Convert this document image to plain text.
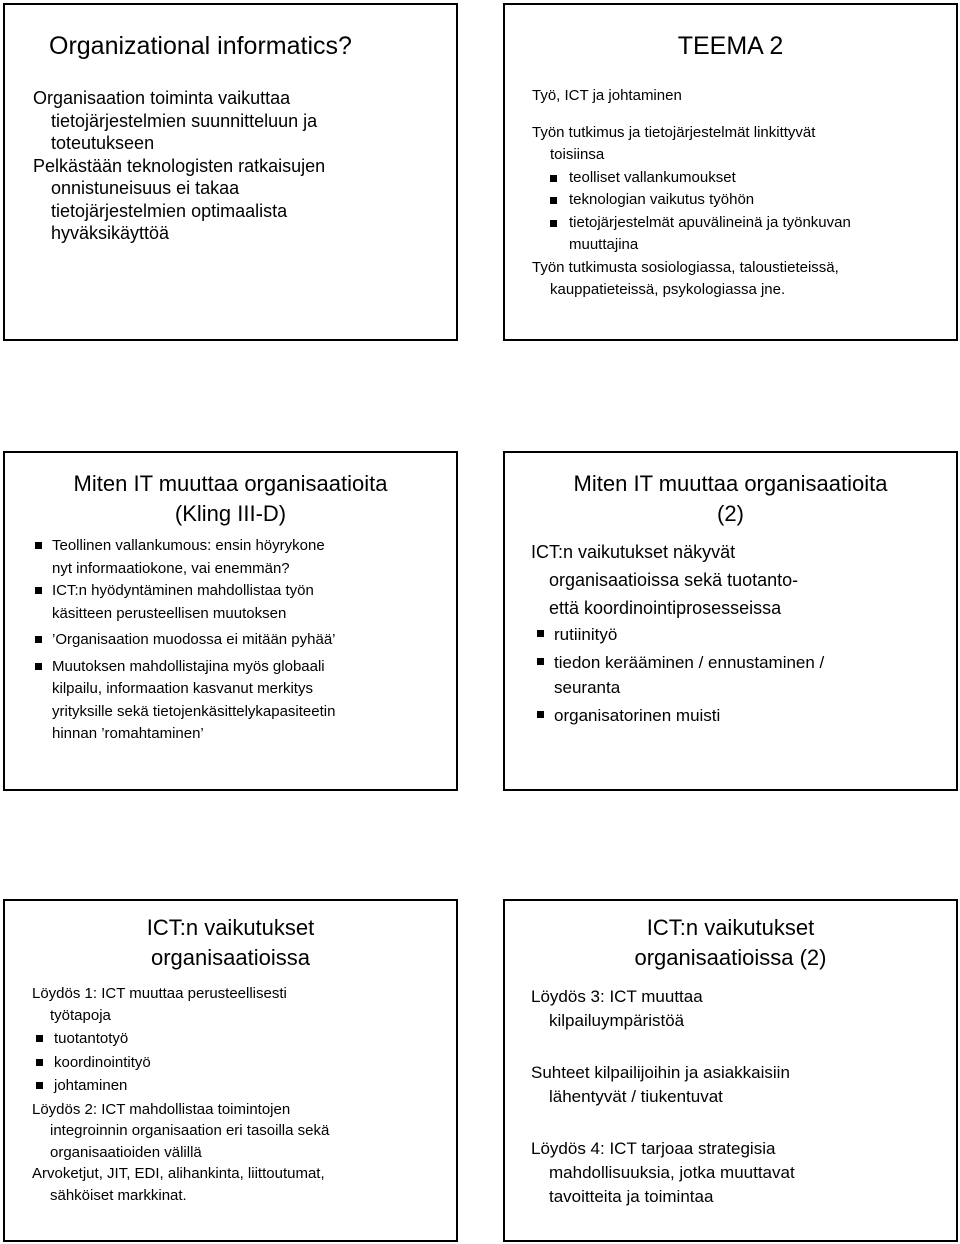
Organizational informatics?
Organisaation toiminta vaikuttaa
tietojärjestelmien suunnitteluun ja
toteutukseen
Pelkästään teknologisten ratkaisujen
onnistuneisuus ei takaa
tietojärjestelmien optimaalista
hyväksikäyttöä
TEEMA 2
Työ, ICT ja johtaminen
Työn tutkimus ja tietojärjestelmät linkittyvät
toisiinsa
teolliset vallankumoukset
teknologian vaikutus työhön
tietojärjestelmät apuvälineinä ja työnkuvan
muuttajina
Työn tutkimusta sosiologiassa, taloustieteissä,
kauppatieteissä, psykologiassa jne.
Miten IT muuttaa organisaatioita
(Kling III-D)
Teollinen vallankumous: ensin höyrykone
nyt informaatiokone, vai enemmän?
ICT:n hyödyntäminen mahdollistaa työn
käsitteen perusteellisen muutoksen
’Organisaation muodossa ei mitään pyhää’
Muutoksen mahdollistajina myös globaali
kilpailu, informaation kasvanut merkitys
yrityksille sekä tietojenkäsittelykapasiteetin
hinnan ’romahtaminen’
Miten IT muuttaa organisaatioita
(2)
ICT:n vaikutukset näkyvät
organisaatioissa sekä tuotanto-
että koordinointiprosesseissa
rutiinityö
tiedon kerääminen / ennustaminen /
seuranta
organisatorinen muisti
ICT:n vaikutukset
organisaatioissa
Löydös 1: ICT muuttaa perusteellisesti
työtapoja
tuotantotyö
koordinointityö
johtaminen
Löydös 2: ICT mahdollistaa toimintojen
integroinnin organisaation eri tasoilla sekä
organisaatioiden välillä
Arvoketjut, JIT, EDI, alihankinta, liittoutumat,
sähköiset markkinat.
ICT:n vaikutukset
organisaatioissa (2)
Löydös 3: ICT muuttaa
kilpailuympäristöä
Suhteet kilpailijoihin ja asiakkaisiin
lähentyvät / tiukentuvat
Löydös 4: ICT tarjoaa strategisia
mahdollisuuksia, jotka muuttavat
tavoitteita ja toimintaa
